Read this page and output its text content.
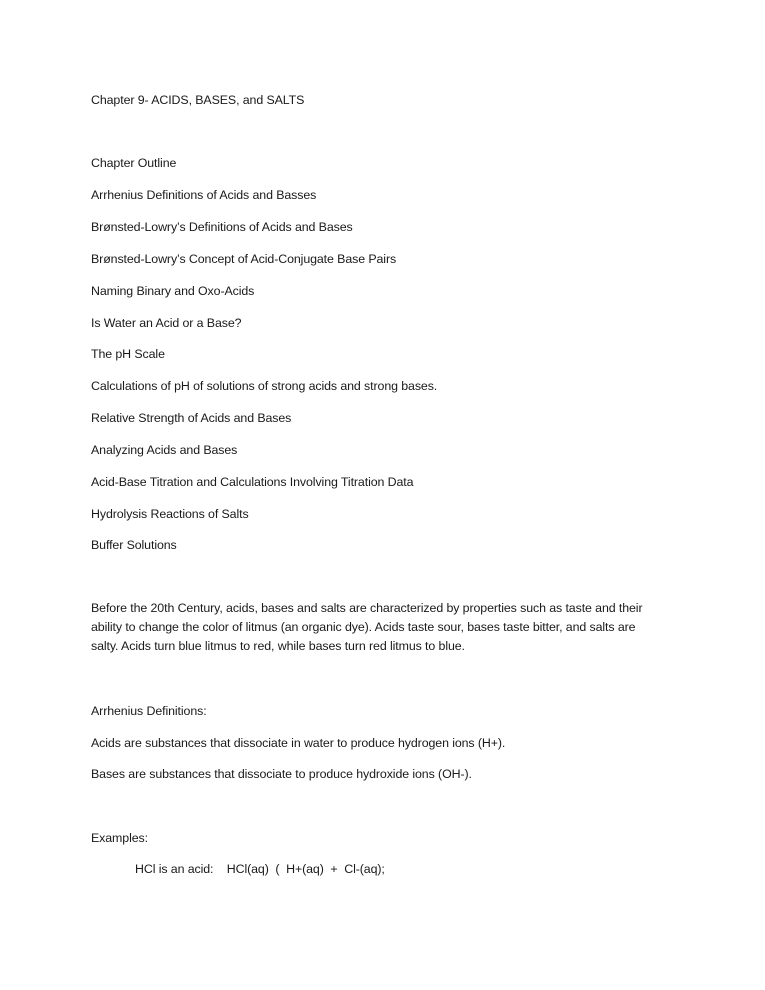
Chapter 9- ACIDS, BASES, and SALTS
Chapter Outline
Arrhenius Definitions of Acids and Basses
Brønsted-Lowry’s Definitions of Acids and Bases
Brønsted-Lowry’s Concept of Acid-Conjugate Base Pairs
Naming Binary and Oxo-Acids
Is Water an Acid or a Base?
The pH Scale
Calculations of pH of solutions of strong acids and strong bases.
Relative Strength of Acids and Bases
Analyzing Acids and Bases
Acid-Base Titration and Calculations Involving Titration Data
Hydrolysis Reactions of Salts
Buffer Solutions
Before the 20th Century, acids, bases and salts are characterized by properties such as taste and their
ability to change the color of litmus (an organic dye). Acids taste sour, bases taste bitter, and salts are
salty. Acids turn blue litmus to red, while bases turn red litmus to blue.
Arrhenius Definitions:
Acids are substances that dissociate in water to produce hydrogen ions (H+).
Bases are substances that dissociate to produce hydroxide ions (OH-).
Examples:
HCl is an acid:    HCl(aq)  (  H+(aq)  +  Cl-(aq);
